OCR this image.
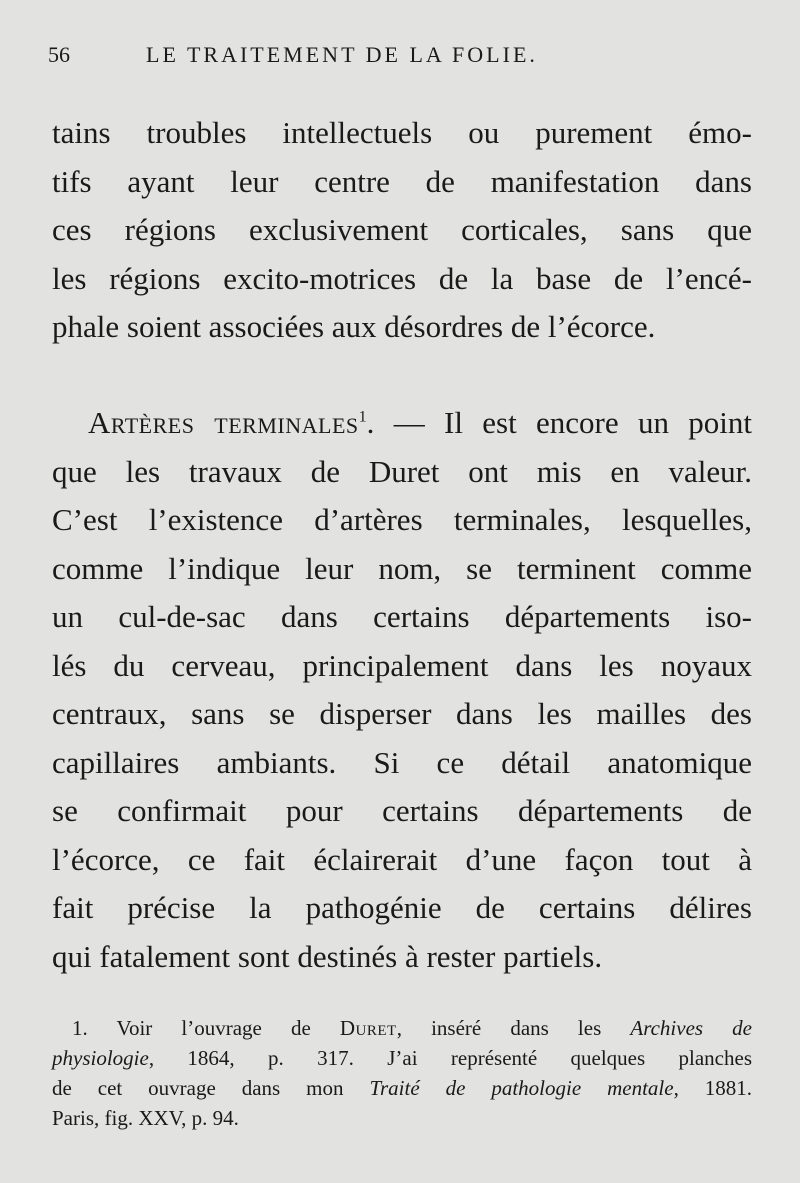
56	LE TRAITEMENT DE LA FOLIE.
tains troubles intellectuels ou purement émo-
tifs ayant leur centre de manifestation dans
ces régions exclusivement corticales, sans que
les régions excito-motrices de la base de l’encé-
phale soient associées aux désordres de l’écorce.
Artères terminales$^1$. — Il est encore un point
que les travaux de Duret ont mis en valeur.
C’est l’existence d’artères terminales, lesquelles,
comme l’indique leur nom, se terminent comme
un cul-de-sac dans certains départements iso-
lés du cerveau, principalement dans les noyaux
centraux, sans se disperser dans les mailles des
capillaires ambiants. Si ce détail anatomique
se confirmait pour certains départements de
l’écorce, ce fait éclairerait d’une façon tout à
fait précise la pathogénie de certains délires
qui fatalement sont destinés à rester partiels.
1. Voir l’ouvrage de Duret, inséré dans les Archives de
physiologie, 1864, p. 317. J’ai représenté quelques planches
de cet ouvrage dans mon Traité de pathologie mentale, 1881.
Paris, fig. XXV, p. 94.
